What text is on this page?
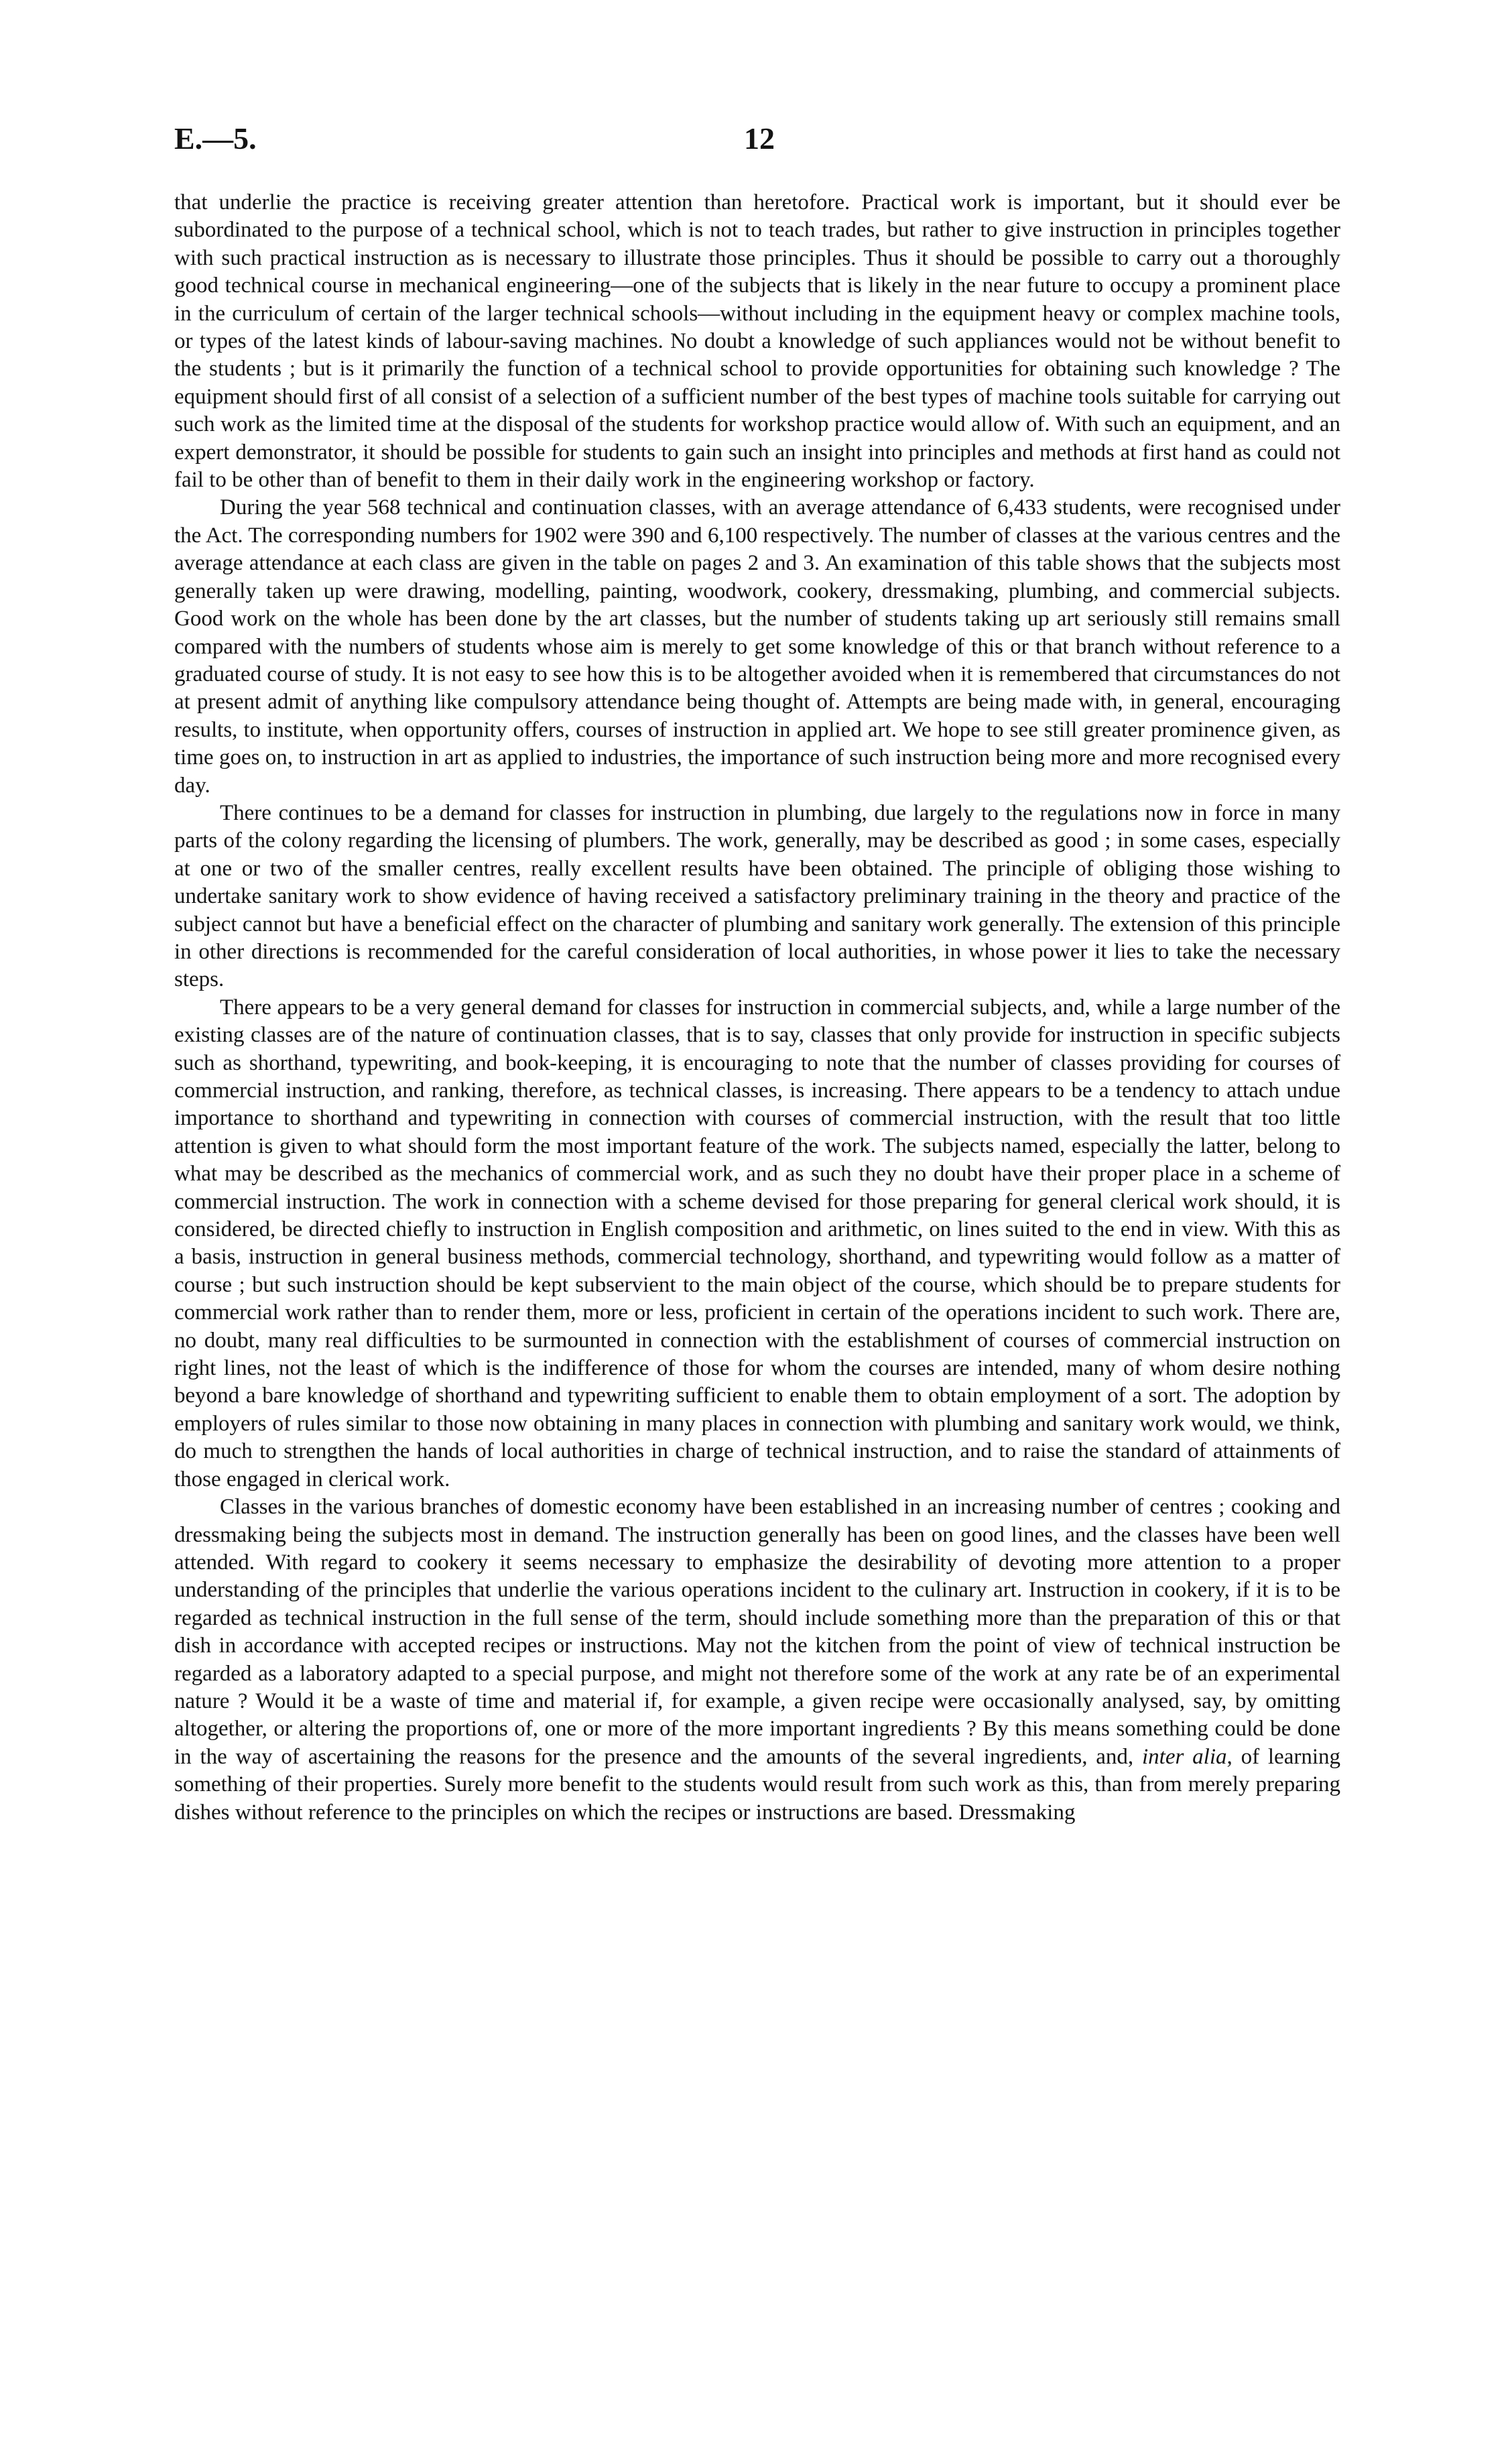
E.—5.	12

that underlie the practice is receiving greater attention than heretofore. Practical work is important, but it should ever be subordinated to the purpose of a technical school, which is not to teach trades, but rather to give instruction in principles together with such practical instruction as is necessary to illustrate those principles. Thus it should be possible to carry out a thoroughly good technical course in mechanical engineering—one of the subjects that is likely in the near future to occupy a prominent place in the curriculum of certain of the larger technical schools—without including in the equipment heavy or complex machine tools, or types of the latest kinds of labour-saving machines. No doubt a knowledge of such appliances would not be without benefit to the students ; but is it primarily the function of a technical school to provide opportunities for obtaining such knowledge ? The equipment should first of all consist of a selection of a sufficient number of the best types of machine tools suitable for carrying out such work as the limited time at the disposal of the students for workshop practice would allow of. With such an equipment, and an expert demonstrator, it should be possible for students to gain such an insight into principles and methods at first hand as could not fail to be other than of benefit to them in their daily work in the engineering workshop or factory.

During the year 568 technical and continuation classes, with an average attendance of 6,433 students, were recognised under the Act. The corresponding numbers for 1902 were 390 and 6,100 respectively. The number of classes at the various centres and the average attendance at each class are given in the table on pages 2 and 3. An examination of this table shows that the subjects most generally taken up were drawing, modelling, painting, woodwork, cookery, dressmaking, plumbing, and commercial subjects. Good work on the whole has been done by the art classes, but the number of students taking up art seriously still remains small compared with the numbers of students whose aim is merely to get some knowledge of this or that branch without reference to a graduated course of study. It is not easy to see how this is to be altogether avoided when it is remembered that circumstances do not at present admit of anything like compulsory attendance being thought of. Attempts are being made with, in general, encouraging results, to institute, when opportunity offers, courses of instruction in applied art. We hope to see still greater prominence given, as time goes on, to instruction in art as applied to industries, the importance of such instruction being more and more recognised every day.

There continues to be a demand for classes for instruction in plumbing, due largely to the regulations now in force in many parts of the colony regarding the licensing of plumbers. The work, generally, may be described as good ; in some cases, especially at one or two of the smaller centres, really excellent results have been obtained. The principle of obliging those wishing to undertake sanitary work to show evidence of having received a satisfactory preliminary training in the theory and practice of the subject cannot but have a beneficial effect on the character of plumbing and sanitary work generally. The extension of this principle in other directions is recommended for the careful consideration of local authorities, in whose power it lies to take the necessary steps.

There appears to be a very general demand for classes for instruction in commercial subjects, and, while a large number of the existing classes are of the nature of continuation classes, that is to say, classes that only provide for instruction in specific subjects such as shorthand, typewriting, and book-keeping, it is encouraging to note that the number of classes providing for courses of commercial instruction, and ranking, therefore, as technical classes, is increasing. There appears to be a tendency to attach undue importance to shorthand and typewriting in connection with courses of commercial instruction, with the result that too little attention is given to what should form the most important feature of the work. The subjects named, especially the latter, belong to what may be described as the mechanics of commercial work, and as such they no doubt have their proper place in a scheme of commercial instruction. The work in connection with a scheme devised for those preparing for general clerical work should, it is considered, be directed chiefly to instruction in English composition and arithmetic, on lines suited to the end in view. With this as a basis, instruction in general business methods, commercial technology, shorthand, and typewriting would follow as a matter of course ; but such instruction should be kept subservient to the main object of the course, which should be to prepare students for commercial work rather than to render them, more or less, proficient in certain of the operations incident to such work. There are, no doubt, many real difficulties to be surmounted in connection with the establishment of courses of commercial instruction on right lines, not the least of which is the indifference of those for whom the courses are intended, many of whom desire nothing beyond a bare knowledge of shorthand and typewriting sufficient to enable them to obtain employment of a sort. The adoption by employers of rules similar to those now obtaining in many places in connection with plumbing and sanitary work would, we think, do much to strengthen the hands of local authorities in charge of technical instruction, and to raise the standard of attainments of those engaged in clerical work.

Classes in the various branches of domestic economy have been established in an increasing number of centres ; cooking and dressmaking being the subjects most in demand. The instruction generally has been on good lines, and the classes have been well attended. With regard to cookery it seems necessary to emphasize the desirability of devoting more attention to a proper understanding of the principles that underlie the various operations incident to the culinary art. Instruction in cookery, if it is to be regarded as technical instruction in the full sense of the term, should include something more than the preparation of this or that dish in accordance with accepted recipes or instructions. May not the kitchen from the point of view of technical instruction be regarded as a laboratory adapted to a special purpose, and might not therefore some of the work at any rate be of an experimental nature ? Would it be a waste of time and material if, for example, a given recipe were occasionally analysed, say, by omitting altogether, or altering the proportions of, one or more of the more important ingredients ? By this means something could be done in the way of ascertaining the reasons for the presence and the amounts of the several ingredients, and, inter alia, of learning something of their properties. Surely more benefit to the students would result from such work as this, than from merely preparing dishes without reference to the principles on which the recipes or instructions are based. Dressmaking
